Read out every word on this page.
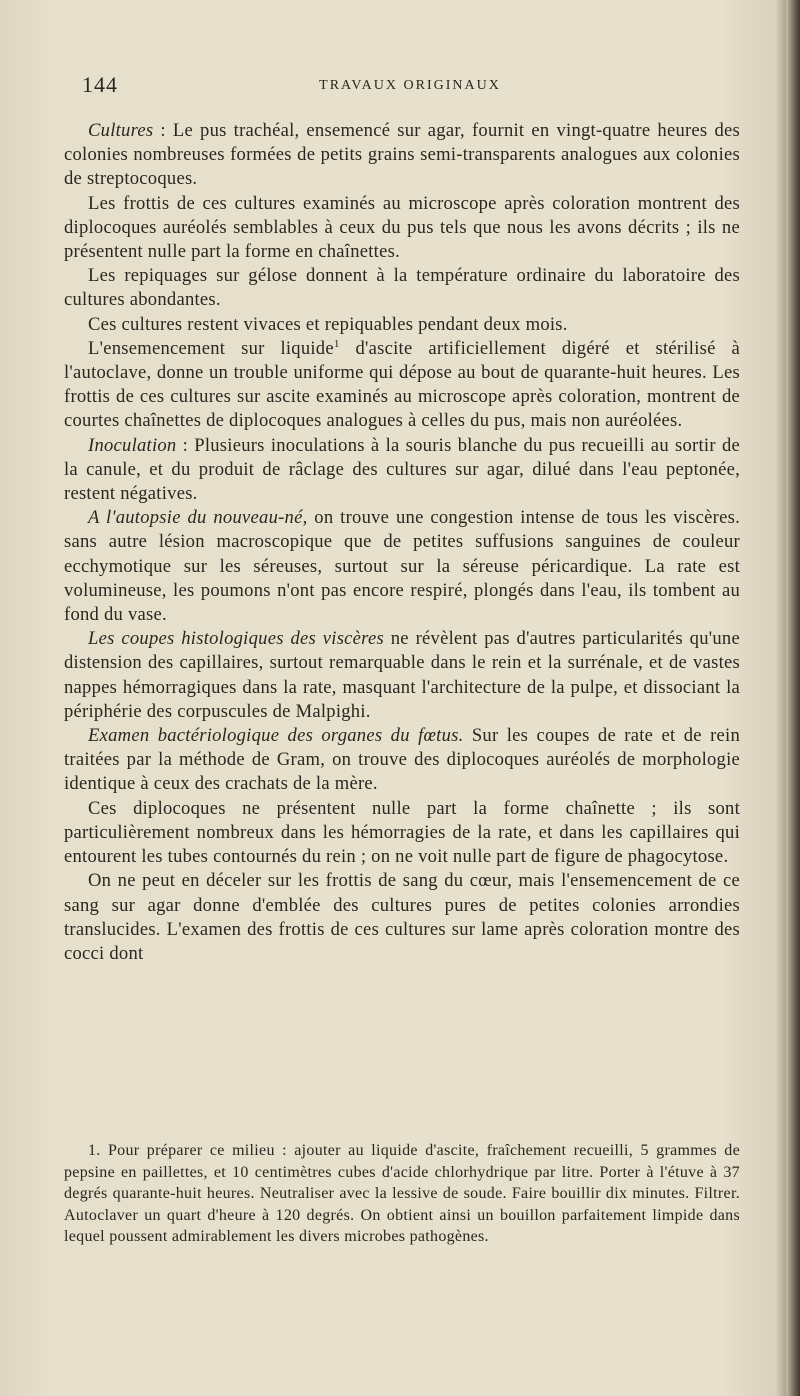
144	TRAVAUX ORIGINAUX

Cultures : Le pus trachéal, ensemencé sur agar, fournit en vingt-quatre heures des colonies nombreuses formées de petits grains semi-transparents analogues aux colonies de streptocoques.

Les frottis de ces cultures examinés au microscope après coloration montrent des diplocoques auréolés semblables à ceux du pus tels que nous les avons décrits ; ils ne présentent nulle part la forme en chaînettes.

Les repiquages sur gélose donnent à la température ordinaire du laboratoire des cultures abondantes.

Ces cultures restent vivaces et repiquables pendant deux mois.

L'ensemencement sur liquide$^1$ d'ascite artificiellement digéré et stérilisé à l'autoclave, donne un trouble uniforme qui dépose au bout de quarante-huit heures. Les frottis de ces cultures sur ascite examinés au microscope après coloration, montrent de courtes chaînettes de diplocoques analogues à celles du pus, mais non auréolées.

Inoculation : Plusieurs inoculations à la souris blanche du pus recueilli au sortir de la canule, et du produit de râclage des cultures sur agar, dilué dans l'eau peptonée, restent négatives.

A l'autopsie du nouveau-né, on trouve une congestion intense de tous les viscères. sans autre lésion macroscopique que de petites suffusions sanguines de couleur ecchymotique sur les séreuses, surtout sur la séreuse péricardique. La rate est volumineuse, les poumons n'ont pas encore respiré, plongés dans l'eau, ils tombent au fond du vase.

Les coupes histologiques des viscères ne révèlent pas d'autres particularités qu'une distension des capillaires, surtout remarquable dans le rein et la surrénale, et de vastes nappes hémorragiques dans la rate, masquant l'architecture de la pulpe, et dissociant la périphérie des corpuscules de Malpighi.

Examen bactériologique des organes du fœtus. Sur les coupes de rate et de rein traitées par la méthode de Gram, on trouve des diplocoques auréolés de morphologie identique à ceux des crachats de la mère.

Ces diplocoques ne présentent nulle part la forme chaînette ; ils sont particulièrement nombreux dans les hémorragies de la rate, et dans les capillaires qui entourent les tubes contournés du rein ; on ne voit nulle part de figure de phagocytose.

On ne peut en déceler sur les frottis de sang du cœur, mais l'ensemencement de ce sang sur agar donne d'emblée des cultures pures de petites colonies arrondies translucides. L'examen des frottis de ces cultures sur lame après coloration montre des cocci dont

1. Pour préparer ce milieu : ajouter au liquide d'ascite, fraîchement recueilli, 5 grammes de pepsine en paillettes, et 10 centimètres cubes d'acide chlorhydrique par litre. Porter à l'étuve à 37 degrés quarante-huit heures. Neutraliser avec la lessive de soude. Faire bouillir dix minutes. Filtrer. Autoclaver un quart d'heure à 120 degrés. On obtient ainsi un bouillon parfaitement limpide dans lequel poussent admirablement les divers microbes pathogènes.
